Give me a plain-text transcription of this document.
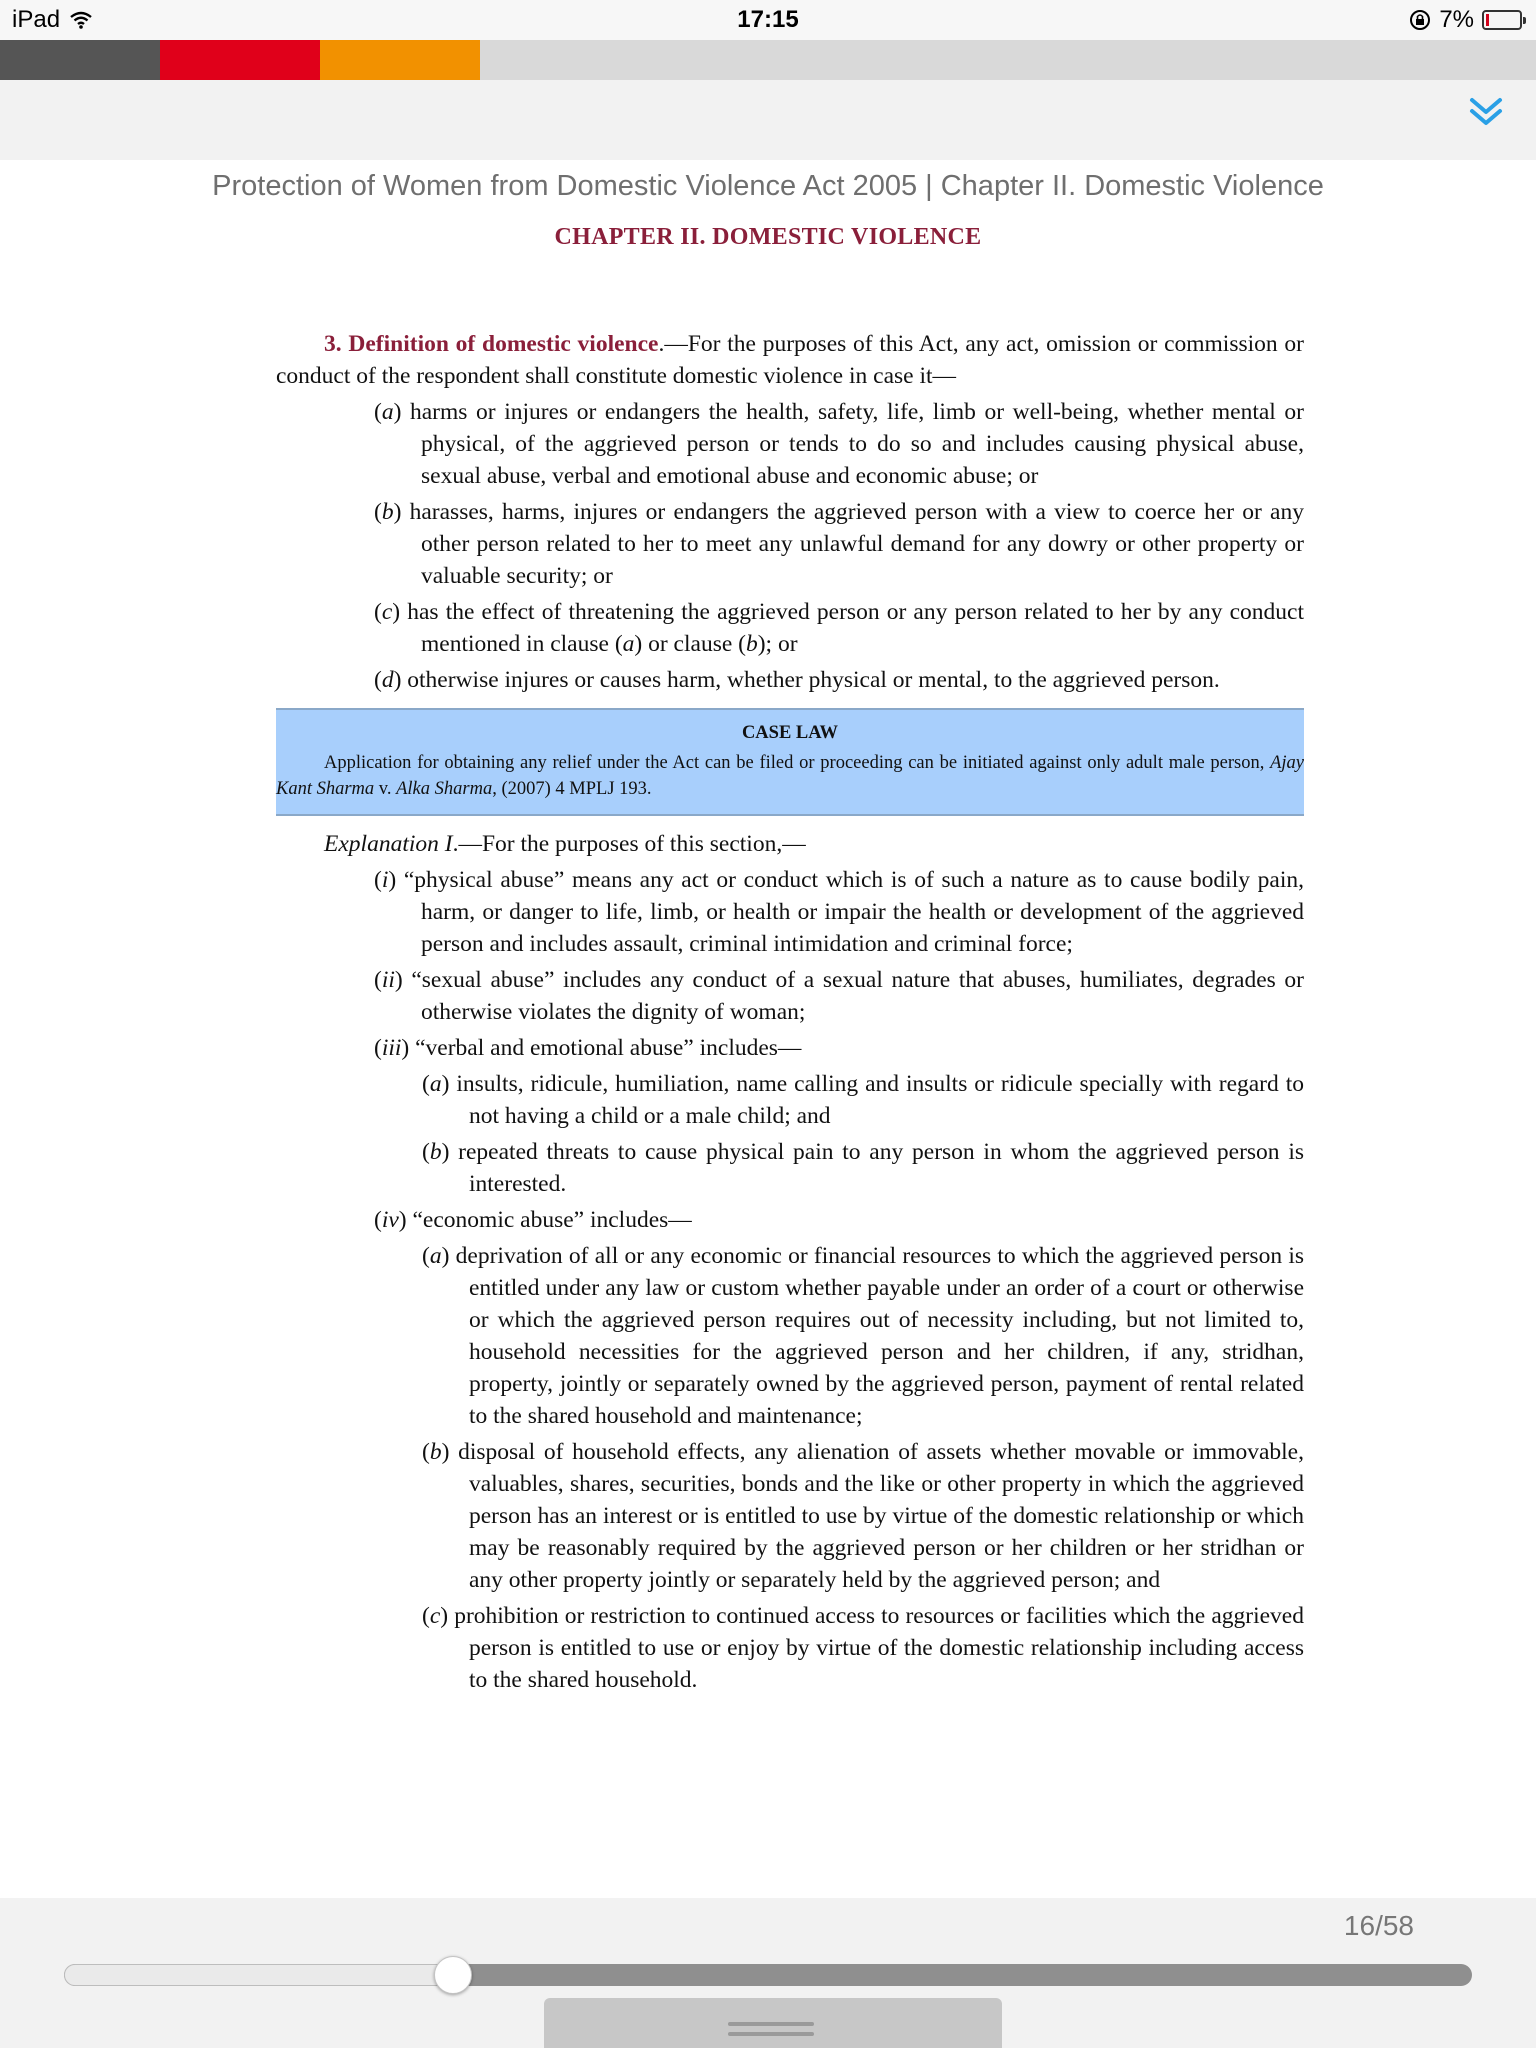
iPad	17:15	7%
Protection of Women from Domestic Violence Act 2005 | Chapter II. Domestic Violence
CHAPTER II. DOMESTIC VIOLENCE

3. Definition of domestic violence.—For the purposes of this Act, any act, omission or commission or conduct of the respondent shall constitute domestic violence in case it—

(a) harms or injures or endangers the health, safety, life, limb or well-being, whether mental or physical, of the aggrieved person or tends to do so and includes causing physical abuse, sexual abuse, verbal and emotional abuse and economic abuse; or

(b) harasses, harms, injures or endangers the aggrieved person with a view to coerce her or any other person related to her to meet any unlawful demand for any dowry or other property or valuable security; or

(c) has the effect of threatening the aggrieved person or any person related to her by any conduct mentioned in clause (a) or clause (b); or

(d) otherwise injures or causes harm, whether physical or mental, to the aggrieved person.

CASE LAW

Application for obtaining any relief under the Act can be filed or proceeding can be initiated against only adult male person, Ajay Kant Sharma v. Alka Sharma, (2007) 4 MPLJ 193.

Explanation I.—For the purposes of this section,—

(i) “physical abuse” means any act or conduct which is of such a nature as to cause bodily pain, harm, or danger to life, limb, or health or impair the health or development of the aggrieved person and includes assault, criminal intimidation and criminal force;

(ii) “sexual abuse” includes any conduct of a sexual nature that abuses, humiliates, degrades or otherwise violates the dignity of woman;

(iii) “verbal and emotional abuse” includes—

(a) insults, ridicule, humiliation, name calling and insults or ridicule specially with regard to not having a child or a male child; and

(b) repeated threats to cause physical pain to any person in whom the aggrieved person is interested.

(iv) “economic abuse” includes—

(a) deprivation of all or any economic or financial resources to which the aggrieved person is entitled under any law or custom whether payable under an order of a court or otherwise or which the aggrieved person requires out of necessity including, but not limited to, household necessities for the aggrieved person and her children, if any, stridhan, property, jointly or separately owned by the aggrieved person, payment of rental related to the shared household and maintenance;

(b) disposal of household effects, any alienation of assets whether movable or immovable, valuables, shares, securities, bonds and the like or other property in which the aggrieved person has an interest or is entitled to use by virtue of the domestic relationship or which may be reasonably required by the aggrieved person or her children or her stridhan or any other property jointly or separately held by the aggrieved person; and

(c) prohibition or restriction to continued access to resources or facilities which the aggrieved person is entitled to use or enjoy by virtue of the domestic relationship including access to the shared household.

16/58
